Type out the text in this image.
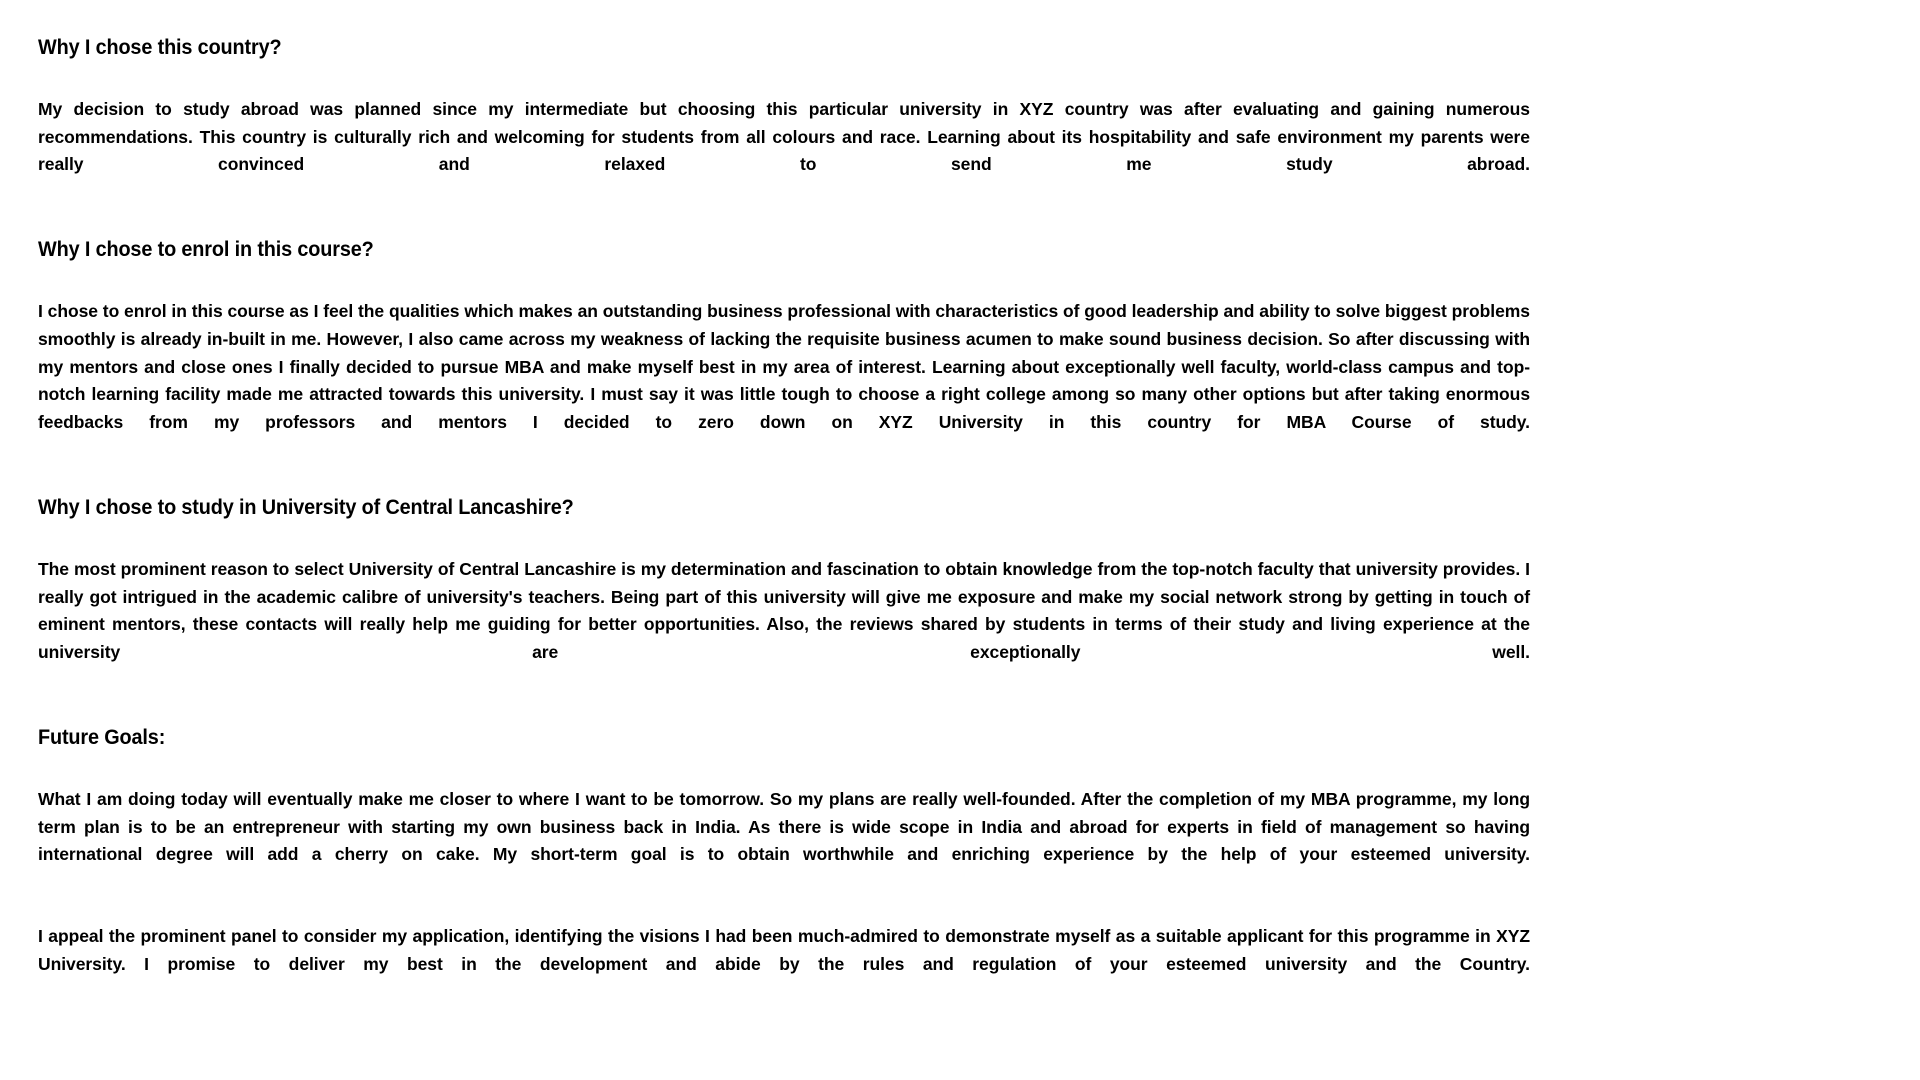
Why I chose this country?

My decision to study abroad was planned since my intermediate but choosing this particular university in XYZ country was after evaluating and gaining numerous recommendations. This country is culturally rich and welcoming for students from all colours and race. Learning about its hospitability and safe environment my parents were really convinced and relaxed to send me study abroad.

Why I chose to enrol in this course?

I chose to enrol in this course as I feel the qualities which makes an outstanding business professional with characteristics of good leadership and ability to solve biggest problems smoothly is already in-built in me. However, I also came across my weakness of lacking the requisite business acumen to make sound business decision. So after discussing with my mentors and close ones I finally decided to pursue MBA and make myself best in my area of interest. Learning about exceptionally well faculty, world-class campus and top-notch learning facility made me attracted towards this university. I must say it was little tough to choose a right college among so many other options but after taking enormous feedbacks from my professors and mentors I decided to zero down on XYZ University in this country for MBA Course of study.

Why I chose to study in University of Central Lancashire?

The most prominent reason to select University of Central Lancashire is my determination and fascination to obtain knowledge from the top-notch faculty that university provides. I really got intrigued in the academic calibre of university's teachers. Being part of this university will give me exposure and make my social network strong by getting in touch of eminent mentors, these contacts will really help me guiding for better opportunities. Also, the reviews shared by students in terms of their study and living experience at the university are exceptionally well.

Future Goals:

What I am doing today will eventually make me closer to where I want to be tomorrow. So my plans are really well-founded. After the completion of my MBA programme, my long term plan is to be an entrepreneur with starting my own business back in India. As there is wide scope in India and abroad for experts in field of management so having international degree will add a cherry on cake. My short-term goal is to obtain worthwhile and enriching experience by the help of your esteemed university.

I appeal the prominent panel to consider my application, identifying the visions I had been much-admired to demonstrate myself as a suitable applicant for this programme in XYZ University. I promise to deliver my best in the development and abide by the rules and regulation of your esteemed university and the Country.
